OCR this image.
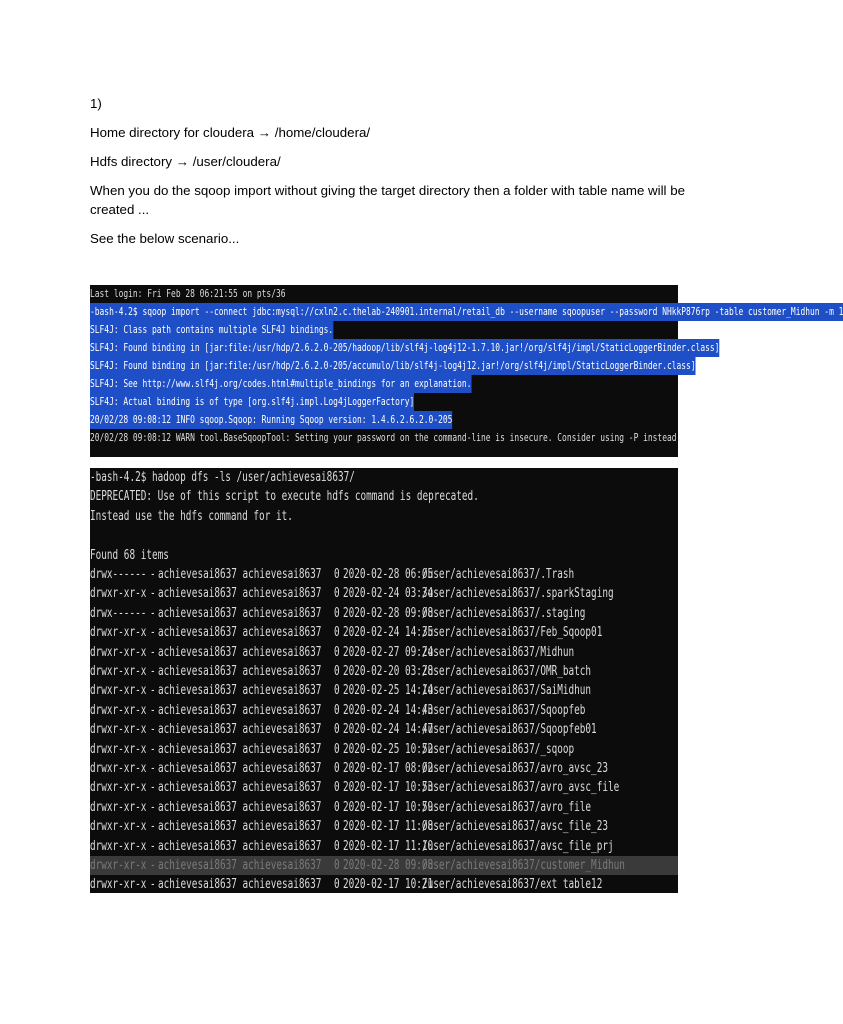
1)

Home directory for cloudera → /home/cloudera/

Hdfs directory → /user/cloudera/

When you do the sqoop import without giving the target directory then a folder with table name will be created ...

See the below scenario...

Last login: Fri Feb 28 06:21:55 on pts/36
-bash-4.2$ sqoop import --connect jdbc:mysql://cxln2.c.thelab-240901.internal/retail_db --username sqoopuser --password NHkkP876rp -table customer_Midhun -m 1
SLF4J: Class path contains multiple SLF4J bindings.
SLF4J: Found binding in [jar:file:/usr/hdp/2.6.2.0-205/hadoop/lib/slf4j-log4j12-1.7.10.jar!/org/slf4j/impl/StaticLoggerBinder.class]
SLF4J: Found binding in [jar:file:/usr/hdp/2.6.2.0-205/accumulo/lib/slf4j-log4j12.jar!/org/slf4j/impl/StaticLoggerBinder.class]
SLF4J: See http://www.slf4j.org/codes.html#multiple_bindings for an explanation.
SLF4J: Actual binding is of type [org.slf4j.impl.Log4jLoggerFactory]
20/02/28 09:08:12 INFO sqoop.Sqoop: Running Sqoop version: 1.4.6.2.6.2.0-205
20/02/28 09:08:12 WARN tool.BaseSqoopTool: Setting your password on the command-line is insecure. Consider using -P instead.
-bash-4.2$ hadoop dfs -ls /user/achievesai8637/
DEPRECATED: Use of this script to execute hdfs command is deprecated.
Instead use the hdfs command for it.
Found 68 items
drwx------ - achievesai8637 achievesai8637 0 2020-02-28 06:05
/user/achievesai8637/.Trash
drwxr-xr-x - achievesai8637 achievesai8637 0 2020-02-24 03:34
/user/achievesai8637/.sparkStaging
drwx------ - achievesai8637 achievesai8637 0 2020-02-28 09:08
/user/achievesai8637/.staging
drwxr-xr-x - achievesai8637 achievesai8637 0 2020-02-24 14:35
/user/achievesai8637/Feb_Sqoop01
drwxr-xr-x - achievesai8637 achievesai8637 0 2020-02-27 09:24
/user/achievesai8637/Midhun
drwxr-xr-x - achievesai8637 achievesai8637 0 2020-02-20 03:28
/user/achievesai8637/OMR_batch
drwxr-xr-x - achievesai8637 achievesai8637 0 2020-02-25 14:14
/user/achievesai8637/SaiMidhun
drwxr-xr-x - achievesai8637 achievesai8637 0 2020-02-24 14:43
/user/achievesai8637/Sqoopfeb
drwxr-xr-x - achievesai8637 achievesai8637 0 2020-02-24 14:47
/user/achievesai8637/Sqoopfeb01
drwxr-xr-x - achievesai8637 achievesai8637 0 2020-02-25 10:52
/user/achievesai8637/_sqoop
drwxr-xr-x - achievesai8637 achievesai8637 0 2020-02-17 08:02
/user/achievesai8637/avro_avsc_23
drwxr-xr-x - achievesai8637 achievesai8637 0 2020-02-17 10:53
/user/achievesai8637/avro_avsc_file
drwxr-xr-x - achievesai8637 achievesai8637 0 2020-02-17 10:59
/user/achievesai8637/avro_file
drwxr-xr-x - achievesai8637 achievesai8637 0 2020-02-17 11:08
/user/achievesai8637/avsc_file_23
drwxr-xr-x - achievesai8637 achievesai8637 0 2020-02-17 11:10
/user/achievesai8637/avsc_file_prj
drwxr-xr-x - achievesai8637 achievesai8637 0 2020-02-28 09:08
/user/achievesai8637/customer_Midhun
drwxr-xr-x - achievesai8637 achievesai8637 0 2020-02-17 10:21
/user/achievesai8637/ext table12
